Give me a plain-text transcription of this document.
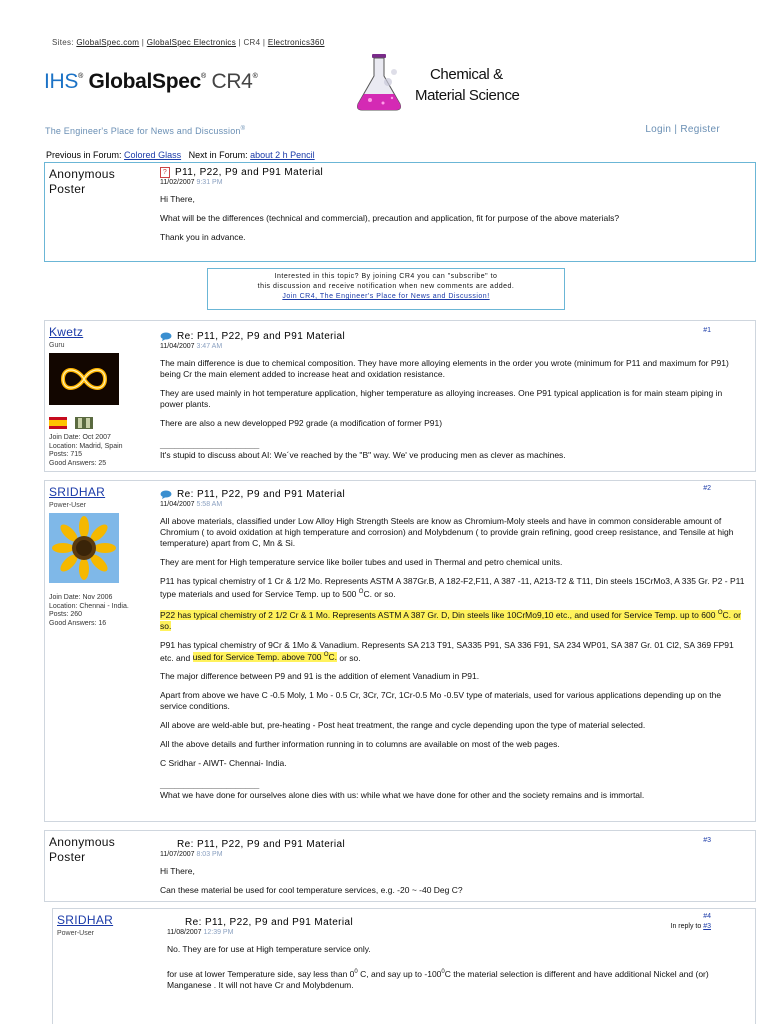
Sites: GlobalSpec.com | GlobalSpec Electronics | CR4 | Electronics360
IHS® GlobalSpec® CR4®	Chemical &
Material Science
The Engineer's Place for News and Discussion®	Login | Register
Previous in Forum: Colored Glass Next in Forum: about 2 h Pencil
Anonymous
Poster
? P11, P22, P9 and P91 Material
11/02/2007 9:31 PM

Hi There,

What will be the differences (technical and commercial), precaution and application, fit for purpose of the above materials?

Thank you in advance.

Interested in this topic? By joining CR4 you can "subscribe" to
this discussion and receive notification when new comments are added.
Join CR4, The Engineer's Place for News and Discussion!
Kwetz
Guru

Join Date: Oct 2007
Location: Madrid, Spain
Posts: 715
Good Answers: 25
#1
Re: P11, P22, P9 and P91 Material
11/04/2007 3:47 AM

The main difference is due to chemical composition. They have more alloying elements in the order you wrote (minimum for P11 and maximum for P91) being Cr the main element added to increase heat and oxidation resistance.

They are used mainly in hot temperature application, higher temperature as alloying increases. One P91 typical application is for main steam piping in power plants.

There are also a new developped P92 grade (a modification of former P91)

_____________________

It's stupid to discuss about AI: We´ve reached by the "B" way. We' ve producing men as clever as machines.

SRIDHAR
Power-User
Join Date: Nov 2006
Location: Chennai - India.
Posts: 260
Good Answers: 16
#2
Re: P11, P22, P9 and P91 Material
11/04/2007 5:58 AM

All above materials, classified under Low Alloy High Strength Steels are know as Chromium-Moly steels and have in common considerable amount of Chromium ( to avoid oxidation at high temperature and corrosion) and Molybdenum ( to provide grain refining, good creep resistance, and Tensile at high temperature) apart from C, Mn & Si.

They are ment for High temperature service like boiler tubes and used in Thermal and petro chemical units.

P11 has typical chemistry of 1 Cr & 1/2 Mo. Represents ASTM A 387Gr.B, A 182-F2,F11, A 387 -11, A213-T2 & T11, Din steels 15CrMo3, A 335 Gr. P2 - P11 type materials and used for Service Temp. up to 500 $^O$C. or so.

P22 has typical chemistry of 2 1/2 Cr & 1 Mo. Represents ASTM A 387 Gr. D, Din steels like 10CrMo9,10 etc., and used for Service Temp. up to 600 $^O$C. or so.

P91 has typical chemistry of 9Cr & 1Mo & Vanadium. Represents SA 213 T91, SA335 P91, SA 336 F91, SA 234 WP01, SA 387 Gr. 01 Cl2, SA 369 FP91 etc. and used for Service Temp. above 700 $^O$C. or so.

The major difference between P9 and 91 is the addition of element Vanadium in P91.

Apart from above we have C -0.5 Moly, 1 Mo - 0.5 Cr, 3Cr, 7Cr, 1Cr-0.5 Mo -0.5V type of materials, used for various applications depending up on the service conditions.

All above are weld-able but, pre-heating - Post heat treatment, the range and cycle depending upon the type of material selected.

All the above details and further information running in to columns are available on most of the web pages.

C Sridhar - AIWT- Chennai- India.

_____________________

What we have done for ourselves alone dies with us: while what we have done for other and the society remains and is immortal.

Anonymous
Poster
#3
Re: P11, P22, P9 and P91 Material
11/07/2007 8:03 PM

Hi There,

Can these material be used for cool temperature services, e.g. -20 ~ -40 Deg C?

SRIDHAR
Power-User
#4
In reply to #3
Re: P11, P22, P9 and P91 Material
11/08/2007 12:39 PM

No. They are for use at High temperature service only.

for use at lower Temperature side, say less than $0^0$ C, and say up to $-100^0C$ the material selection is different and have additional Nickel and (or) Manganese . It will not have Cr and Molybdenum.
